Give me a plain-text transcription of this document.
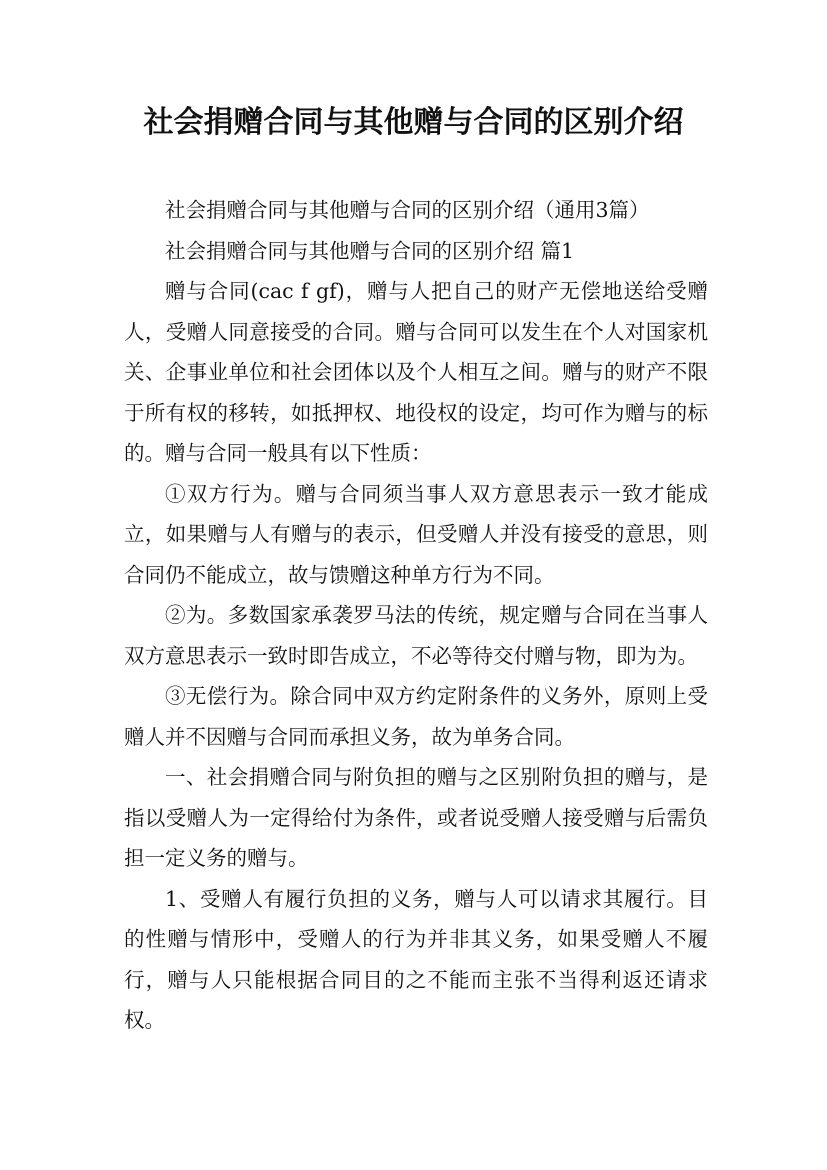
社会捐赠合同与其他赠与合同的区别介绍

社会捐赠合同与其他赠与合同的区别介绍（通用3篇）

社会捐赠合同与其他赠与合同的区别介绍 篇1

赠与合同(cac f gf)，赠与人把自己的财产无偿地送给受赠人，受赠人同意接受的合同。赠与合同可以发生在个人对国家机关、企事业单位和社会团体以及个人相互之间。赠与的财产不限于所有权的移转，如抵押权、地役权的设定，均可作为赠与的标的。赠与合同一般具有以下性质：

①双方行为。赠与合同须当事人双方意思表示一致才能成立，如果赠与人有赠与的表示，但受赠人并没有接受的意思，则合同仍不能成立，故与馈赠这种单方行为不同。

②为。多数国家承袭罗马法的传统，规定赠与合同在当事人双方意思表示一致时即告成立，不必等待交付赠与物，即为为。

③无偿行为。除合同中双方约定附条件的义务外，原则上受赠人并不因赠与合同而承担义务，故为单务合同。

一、社会捐赠合同与附负担的赠与之区别附负担的赠与，是指以受赠人为一定得给付为条件，或者说受赠人接受赠与后需负担一定义务的赠与。

1、受赠人有履行负担的义务，赠与人可以请求其履行。目的性赠与情形中，受赠人的行为并非其义务，如果受赠人不履行，赠与人只能根据合同目的之不能而主张不当得利返还请求权。
